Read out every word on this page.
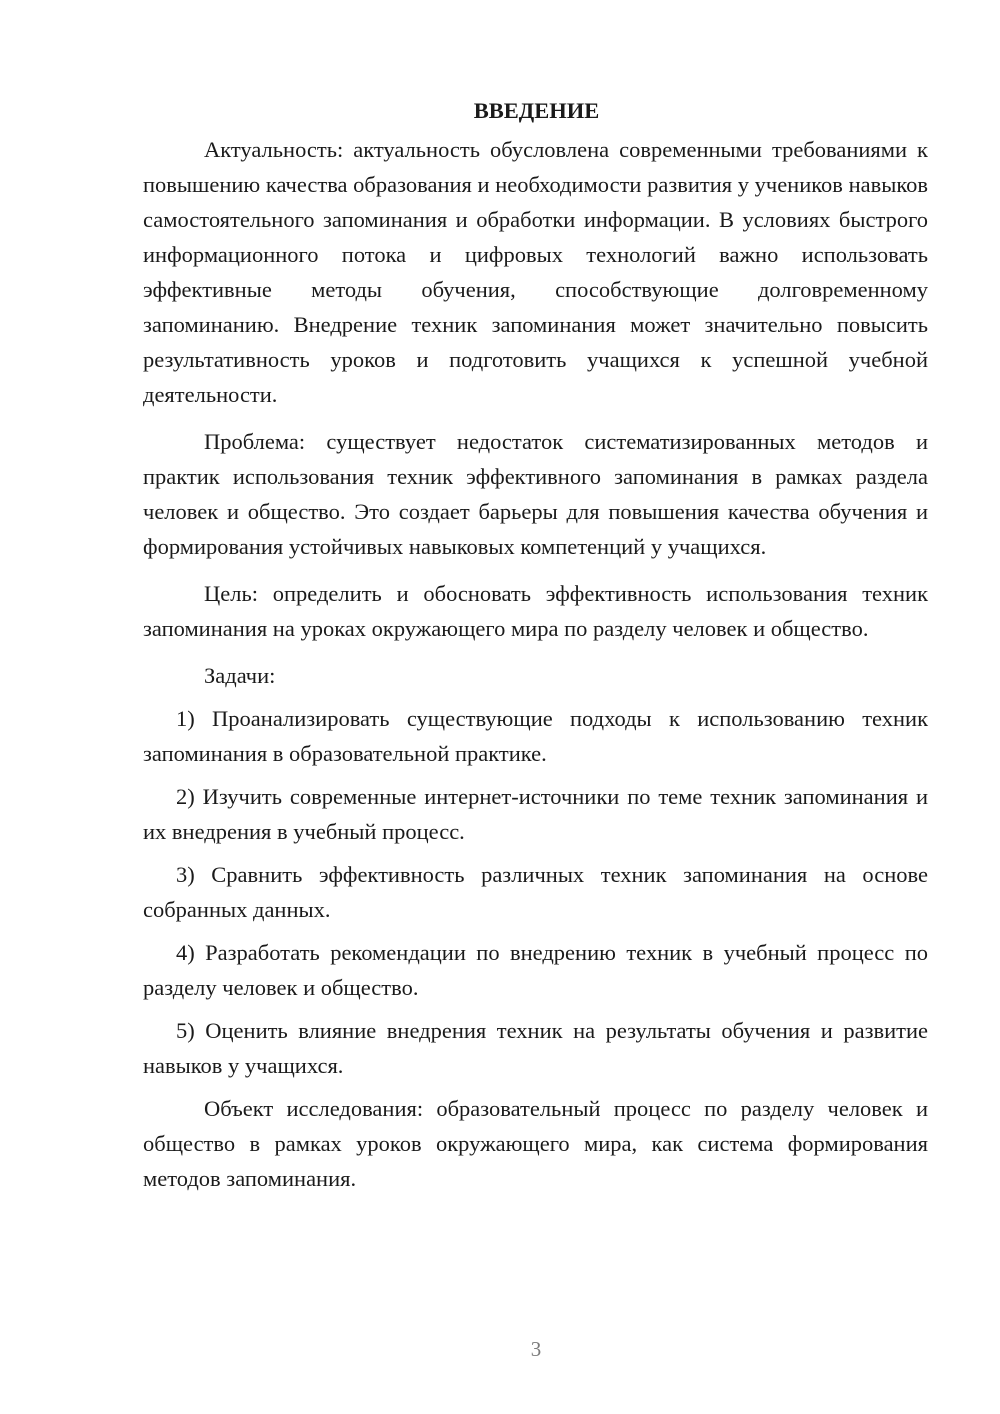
ВВЕДЕНИЕ

Актуальность: актуальность обусловлена современными требованиями к повышению качества образования и необходимости развития у учеников навыков самостоятельного запоминания и обработки информации. В условиях быстрого информационного потока и цифровых технологий важно использовать эффективные методы обучения, способствующие долговременному запоминанию. Внедрение техник запоминания может значительно повысить результативность уроков и подготовить учащихся к успешной учебной деятельности.

Проблема: существует недостаток систематизированных методов и практик использования техник эффективного запоминания в рамках раздела человек и общество. Это создает барьеры для повышения качества обучения и формирования устойчивых навыковых компетенций у учащихся.

Цель: определить и обосновать эффективность использования техник запоминания на уроках окружающего мира по разделу человек и общество.

Задачи:

1) Проанализировать существующие подходы к использованию техник запоминания в образовательной практике.

2) Изучить современные интернет-источники по теме техник запоминания и их внедрения в учебный процесс.

3) Сравнить эффективность различных техник запоминания на основе собранных данных.

4) Разработать рекомендации по внедрению техник в учебный процесс по разделу человек и общество.

5) Оценить влияние внедрения техник на результаты обучения и развитие навыков у учащихся.

Объект исследования: образовательный процесс по разделу человек и общество в рамках уроков окружающего мира, как система формирования методов запоминания.

3
